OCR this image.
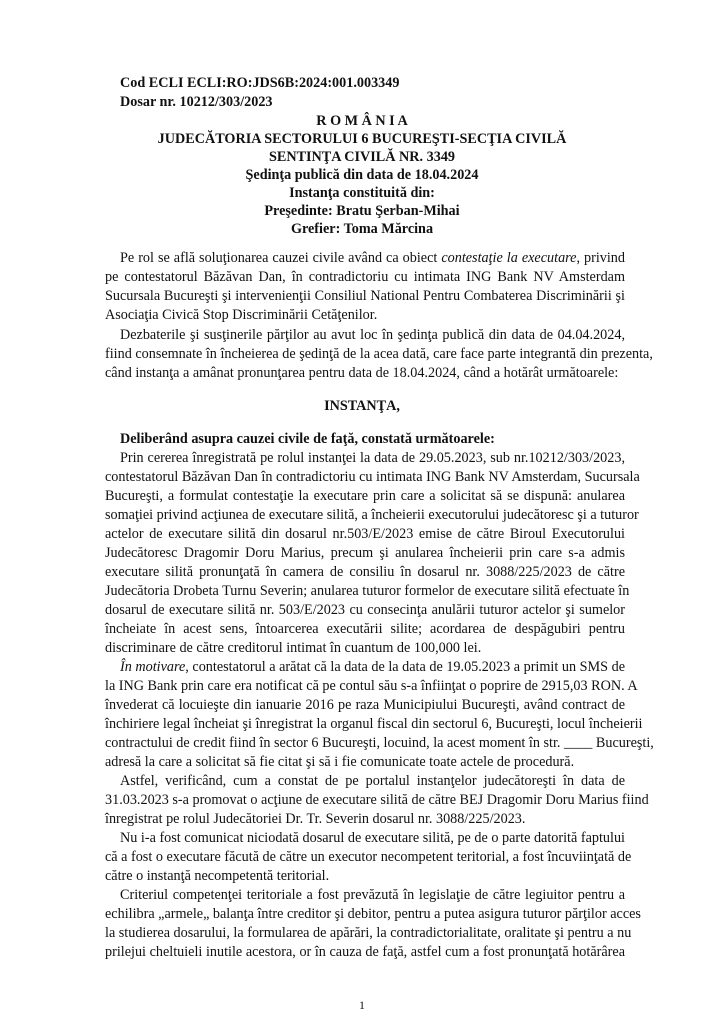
Cod ECLI ECLI:RO:JDS6B:2024:001.003349
Dosar nr. 10212/303/2023
R O M Â N I A
JUDECĂTORIA SECTORULUI 6 BUCUREŞTI-SECŢIA CIVILĂ
SENTINŢA CIVILĂ NR. 3349
Şedinţa publică din data de 18.04.2024
Instanţa constituită din:
Preşedinte: Bratu Şerban-Mihai
Grefier: Toma Mărcina
Pe rol se află soluţionarea cauzei civile având ca obiect contestaţie la executare, privind
pe contestatorul Băzăvan Dan, în contradictoriu cu intimata ING Bank NV Amsterdam
Sucursala Bucureşti şi intervenienţii Consiliul National Pentru Combaterea Discriminării şi
Asociaţia Civică Stop Discriminării Cetăţenilor.
Dezbaterile şi susţinerile părţilor au avut loc în şedinţa publică din data de 04.04.2024,
fiind consemnate în încheierea de şedinţă de la acea dată, care face parte integrantă din prezenta,
când instanţa a amânat pronunţarea pentru data de 18.04.2024, când a hotărât următoarele:
INSTANŢA,
Deliberând asupra cauzei civile de faţă, constată următoarele:
Prin cererea înregistrată pe rolul instanţei la data de 29.05.2023, sub nr.10212/303/2023,
contestatorul Băzăvan Dan în contradictoriu cu intimata ING Bank NV Amsterdam, Sucursala
Bucureşti, a formulat contestaţie la executare prin care a solicitat să se dispună: anularea
somaţiei privind acţiunea de executare silită, a încheierii executorului judecătoresc şi a tuturor
actelor de executare silită din dosarul nr.503/E/2023 emise de către Biroul Executorului
Judecătoresc Dragomir Doru Marius, precum şi anularea încheierii prin care s-a admis
executare silită pronunţată în camera de consiliu în dosarul nr. 3088/225/2023 de către
Judecătoria Drobeta Turnu Severin; anularea tuturor formelor de executare silită efectuate în
dosarul de executare silită nr. 503/E/2023 cu consecinţa anulării tuturor actelor şi sumelor
încheiate în acest sens, întoarcerea executării silite; acordarea de despăgubiri pentru
discriminare de către creditorul intimat în cuantum de 100,000 lei.
În motivare, contestatorul a arătat că la data de la data de 19.05.2023 a primit un SMS de
la ING Bank prin care era notificat că pe contul său s-a înfiinţat o poprire de 2915,03 RON. A
învederat că locuieşte din ianuarie 2016 pe raza Municipiului Bucureşti, având contract de
închiriere legal încheiat şi înregistrat la organul fiscal din sectorul 6, Bucureşti, locul încheierii
contractului de credit fiind în sector 6 Bucureşti, locuind, la acest moment în str. ____ Bucureşti,
adresă la care a solicitat să fie citat şi să i fie comunicate toate actele de procedură.
Astfel, verificând, cum a constat de pe portalul instanţelor judecătoreşti în data de
31.03.2023 s-a promovat o acţiune de executare silită de către BEJ Dragomir Doru Marius fiind
înregistrat pe rolul Judecătoriei Dr. Tr. Severin dosarul nr. 3088/225/2023.
Nu i-a fost comunicat niciodată dosarul de executare silită, pe de o parte datorită faptului
că a fost o executare făcută de către un executor necompetent teritorial, a fost încuviinţată de
către o instanţă necompetentă teritorial.
Criteriul competenţei teritoriale a fost prevăzută în legislaţie de către legiuitor pentru a
echilibra „armele„ balanţa între creditor şi debitor, pentru a putea asigura tuturor părţilor acces
la studierea dosarului, la formularea de apărări, la contradictorialitate, oralitate şi pentru a nu
prilejui cheltuieli inutile acestora, or în cauza de faţă, astfel cum a fost pronunţată hotărârea
1
